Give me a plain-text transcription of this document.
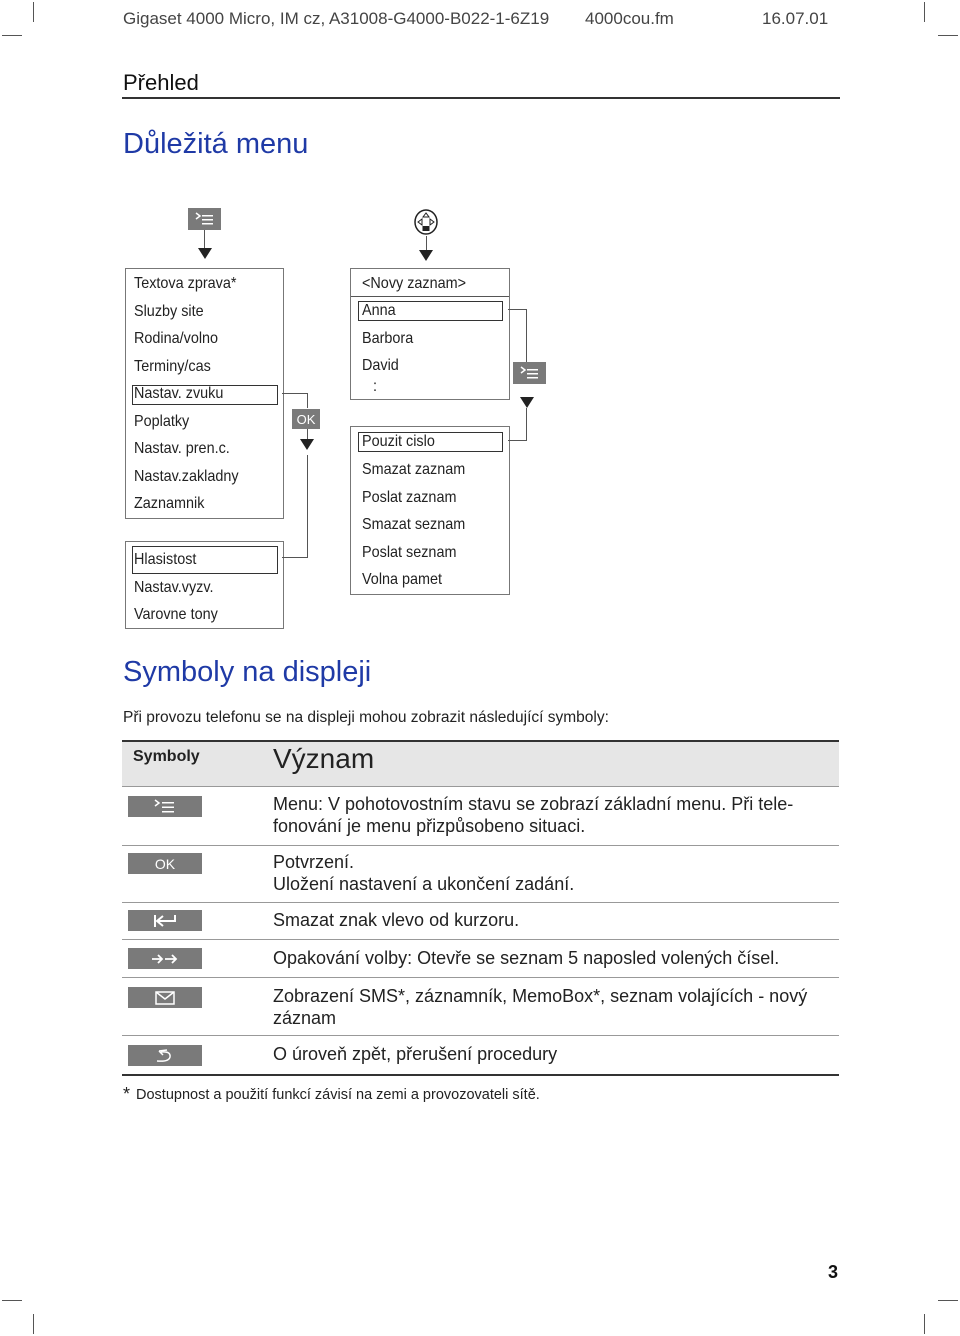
Gigaset 4000 Micro, IM cz, A31008-G4000-B022-1-6Z19 4000cou.fm	16.07.01
Přehled
Důležitá menu
Textova zprava*
Sluzby site
Rodina/volno
Terminy/cas
Nastav. zvuku
Poplatky
Nastav. pren.c.
Nastav.zakladny
Zaznamnik
Hlasistost
Nastav.vyzv.
Varovne tony
OK
<Novy zaznam>
Anna
Barbora
David
:
Pouzit cislo
Smazat zaznam
Poslat zaznam
Smazat seznam
Poslat seznam
Volna pamet
Symboly na displeji
Při provozu telefonu se na displeji mohou zobrazit následující symboly:
Symboly	Význam
Menu: V pohotovostním stavu se zobrazí základní menu. Při tele-
fonování je menu přizpůsobeno situaci.
OK	Potvrzení.
Uložení nastavení a ukončení zadání.
Smazat znak vlevo od kurzoru.
Opakování volby: Otevře se seznam 5 naposled volených čísel.
Zobrazení SMS*, záznamník, MemoBox*, seznam volajících - nový
záznam
O úroveň zpět, přerušení procedury
* Dostupnost a použití funkcí závisí na zemi a provozovateli sítě.
3
